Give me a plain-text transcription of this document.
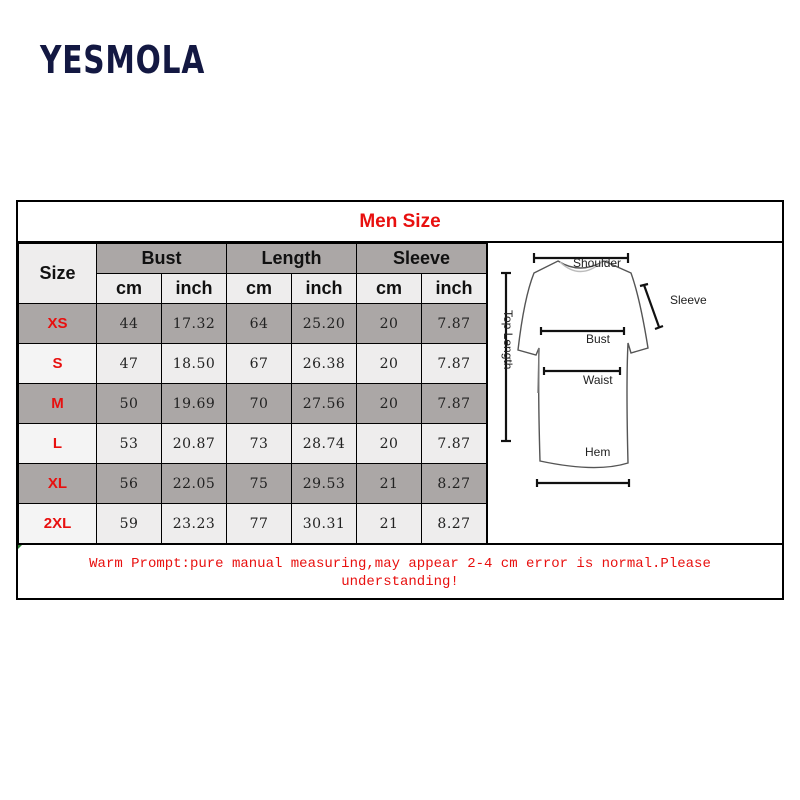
YESMOLA
Men Size
Size	Bust		Length		Sleeve	
	cm	inch	cm	inch	cm	inch
XS	44	17.32	64	25.20	20	7.87
S	47	18.50	67	26.38	20	7.87
M	50	19.69	70	27.56	20	7.87
L	53	20.87	73	28.74	20	7.87
XL	56	22.05	75	29.53	21	8.27
2XL	59	23.23	77	30.31	21	8.27
Shoulder
Sleeve
Bust
Waist
Hem
Top Length
Warm Prompt:pure manual measuring,may appear 2-4 cm error is normal.Please understanding!
